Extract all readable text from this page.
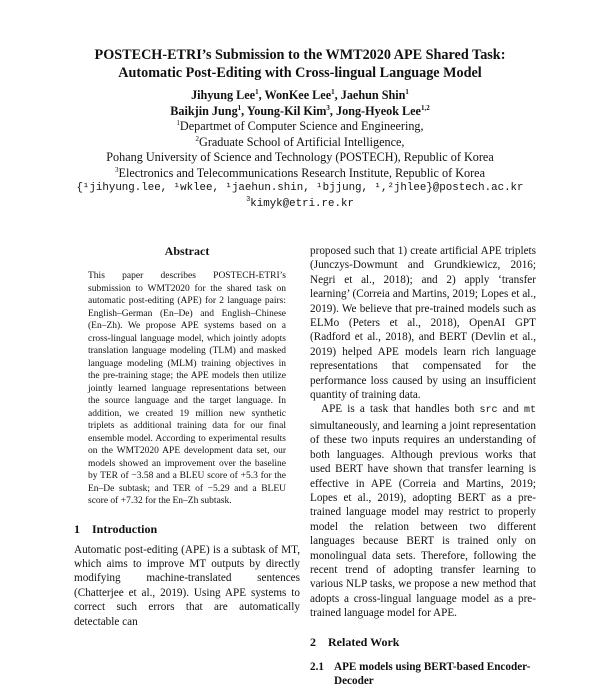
POSTECH-ETRI’s Submission to the WMT2020 APE Shared Task:
Automatic Post-Editing with Cross-lingual Language Model
Jihyung Lee$^1$, WonKee Lee$^1$, Jaehun Shin$^1$
Baikjin Jung$^1$, Young-Kil Kim$^3$, Jong-Hyeok Lee$^{1,2}$
$^1$Departmet of Computer Science and Engineering,
$^2$Graduate School of Artificial Intelligence,
Pohang University of Science and Technology (POSTECH), Republic of Korea
$^3$Electronics and Telecommunications Research Institute, Republic of Korea
{¹jihyung.lee, ¹wklee, ¹jaehun.shin, ¹bjjung, ¹,²jhlee}@postech.ac.kr
$^3$kimyk@etri.re.kr
Abstract
This paper describes POSTECH-ETRI’s submission to WMT2020 for the shared task on automatic post-editing (APE) for 2 language pairs: English–German (En–De) and English–Chinese (En–Zh). We propose APE systems based on a cross-lingual language model, which jointly adopts translation language modeling (TLM) and masked language modeling (MLM) training objectives in the pre-training stage; the APE models then utilize jointly learned language representations between the source language and the target language. In addition, we created 19 million new synthetic triplets as additional training data for our final ensemble model. According to experimental results on the WMT2020 APE development data set, our models showed an improvement over the baseline by TER of −3.58 and a BLEU score of +5.3 for the En–De subtask; and TER of −5.29 and a BLEU score of +7.32 for the En–Zh subtask.
1 Introduction

Automatic post-editing (APE) is a subtask of MT, which aims to improve MT outputs by directly modifying machine-translated sentences (Chatterjee et al., 2019). Using APE systems to correct such errors that are automatically detectable can

proposed such that 1) create artificial APE triplets (Junczys-Dowmunt and Grundkiewicz, 2016; Negri et al., 2018); and 2) apply ‘transfer learning’ (Correia and Martins, 2019; Lopes et al., 2019). We believe that pre-trained models such as ELMo (Peters et al., 2018), OpenAI GPT (Radford et al., 2018), and BERT (Devlin et al., 2019) helped APE models learn rich language representations that compensated for the performance loss caused by using an insufficient quantity of training data.

APE is a task that handles both src and mt simultaneously, and learning a joint representation of these two inputs requires an understanding of both languages. Although previous works that used BERT have shown that transfer learning is effective in APE (Correia and Martins, 2019; Lopes et al., 2019), adopting BERT as a pre-trained language model may restrict to properly model the relation between two different languages because BERT is trained only on monolingual data sets. Therefore, following the recent trend of adopting transfer learning to various NLP tasks, we propose a new method that adopts a cross-lingual language model as a pre-trained language model for APE.

2 Related Work
2.1 APE models using BERT-based Encoder-Decoder
